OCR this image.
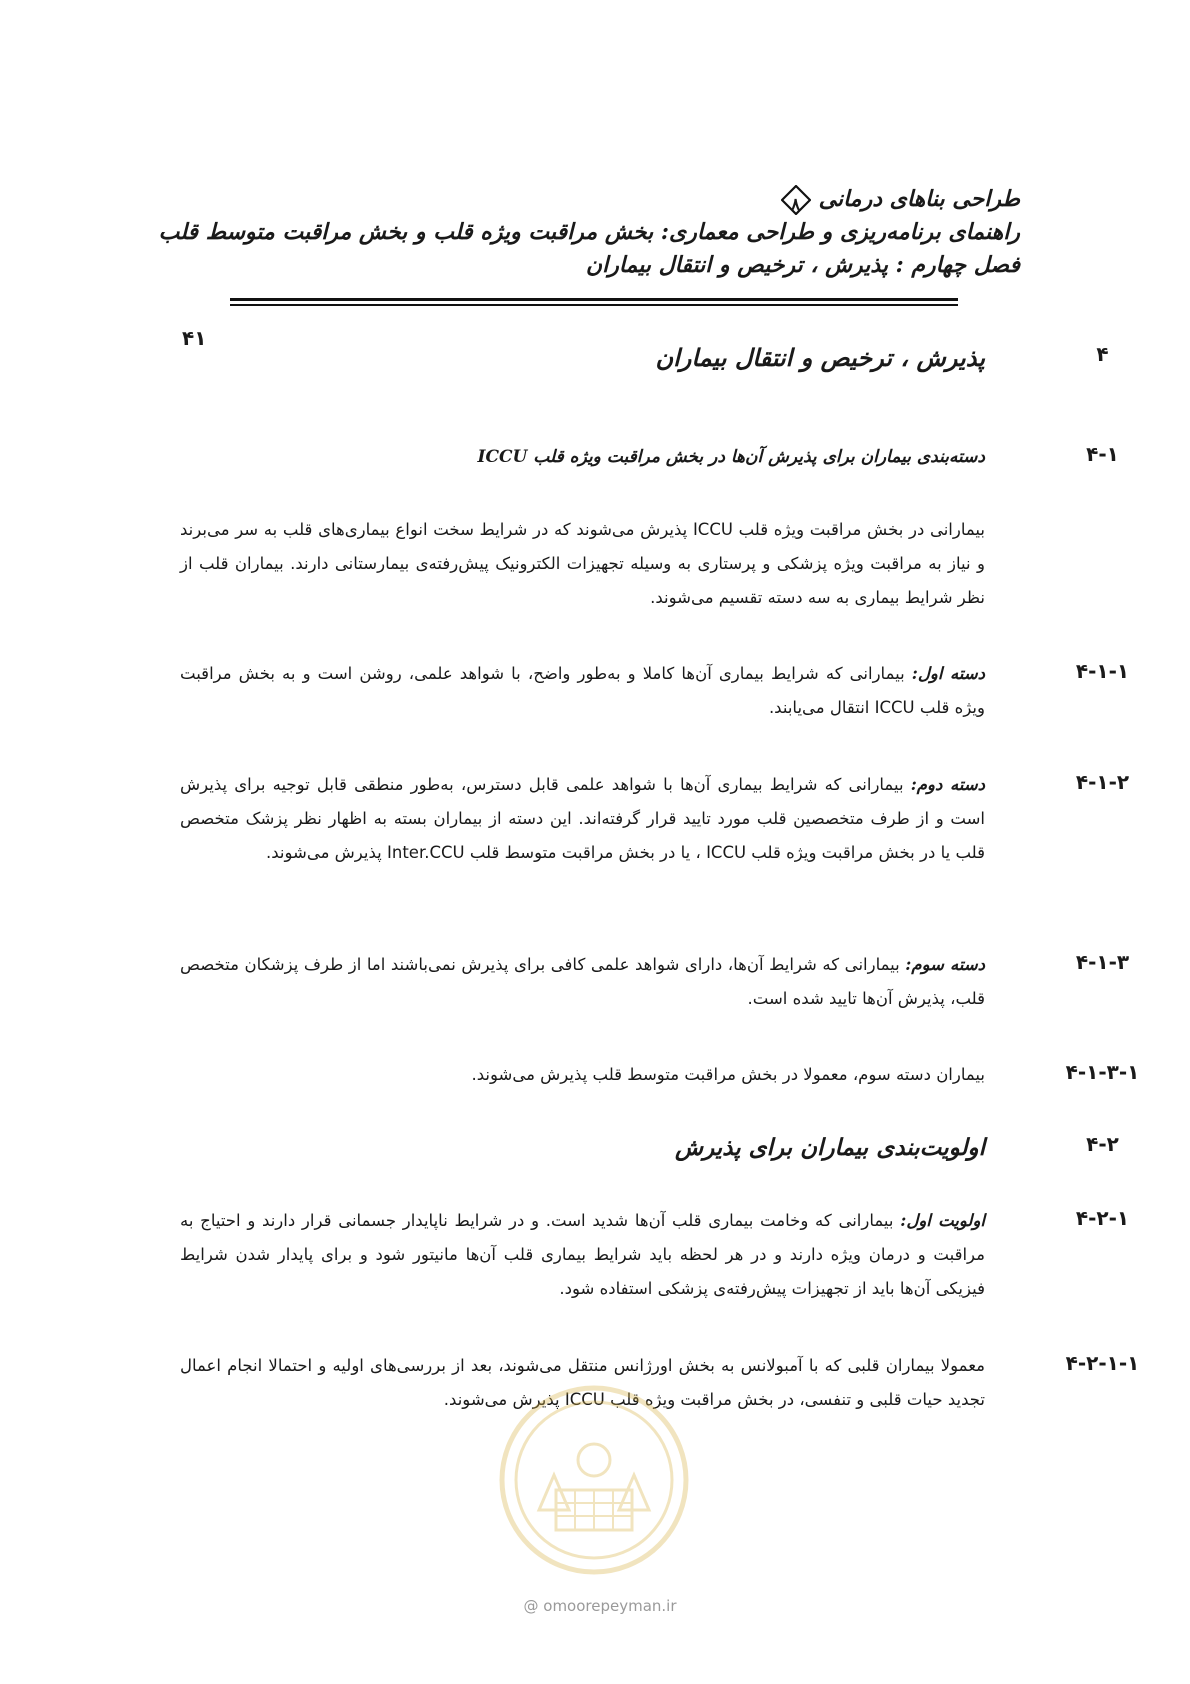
طراحی بناهای درمانی
۸
راهنمای برنامه‌ریزی و طراحی معماری: بخش مراقبت ویژه قلب و بخش مراقبت متوسط قلب
فصل چهارم : پذیرش ، ترخیص و انتقال بیماران
۴۱
۴
پذیرش ، ترخیص و انتقال بیماران
۴-۱
دسته‌بندی بیماران برای پذیرش آن‌ها در بخش مراقبت ویژه قلب ICCU
بیمارانی در بخش مراقبت ویژه قلب ICCU پذیرش می‌شوند که در شرایط سخت انواع بیماری‌های قلب به سر می‌برند و نیاز به مراقبت ویژه پزشکی و پرستاری به وسیله تجهیزات الکترونیک پیش‌رفته‌ی بیمارستانی دارند. بیماران قلب از نظر شرایط بیماری به سه دسته تقسیم می‌شوند.
۴-۱-۱
دسته اول: بیمارانی که شرایط بیماری آن‌ها کاملا و به‌طور واضح، با شواهد علمی، روشن است و به بخش مراقبت ویژه قلب ICCU انتقال می‌یابند.
۴-۱-۲
دسته دوم: بیمارانی که شرایط بیماری آن‌ها با شواهد علمی قابل دسترس، به‌طور منطقی قابل توجیه برای پذیرش است و از طرف متخصصین قلب مورد تایید قرار گرفته‌اند. این دسته از بیماران بسته به اظهار نظر پزشک متخصص قلب یا در بخش مراقبت ویژه قلب ICCU ، یا در بخش مراقبت متوسط قلب Inter.CCU پذیرش می‌شوند.
۴-۱-۳
دسته سوم: بیمارانی که شرایط آن‌ها، دارای شواهد علمی کافی برای پذیرش نمی‌باشند اما از طرف پزشکان متخصص قلب، پذیرش آن‌ها تایید شده است.
۴-۱-۳-۱
بیماران دسته سوم، معمولا در بخش مراقبت متوسط قلب پذیرش می‌شوند.
۴-۲
اولویت‌بندی بیماران برای پذیرش
۴-۲-۱
اولویت اول: بیمارانی که وخامت بیماری قلب آن‌ها شدید است. و در شرایط ناپایدار جسمانی قرار دارند و احتیاج به مراقبت و درمان ویژه دارند و در هر لحظه باید شرایط بیماری قلب آن‌ها مانیتور شود و برای پایدار شدن شرایط فیزیکی آن‌ها باید از تجهیزات پیش‌رفته‌ی پزشکی استفاده شود.
۴-۲-۱-۱
معمولا بیماران قلبی که با آمبولانس به بخش اورژانس منتقل می‌شوند، بعد از بررسی‌های اولیه و احتمالا انجام اعمال تجدید حیات قلبی و تنفسی، در بخش مراقبت ویژه قلب ICCU پذیرش می‌شوند.
@ omoorepeyman.ir
